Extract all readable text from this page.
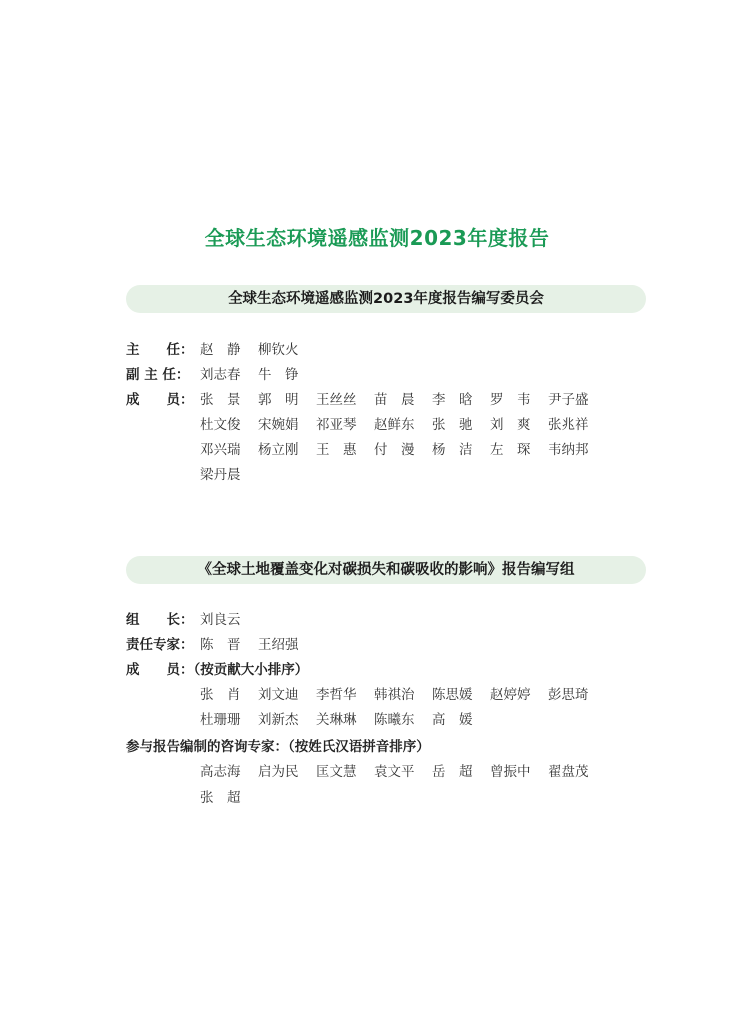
全球生态环境遥感监测2023年度报告
全球生态环境遥感监测2023年度报告编写委员会
主　　任： 赵　静 柳钦火
副 主 任： 刘志春 牛　铮
成　　员： 张　景 郭　明 王丝丝 苗　晨 李　晗 罗　韦 尹子盛
杜文俊 宋婉娟 祁亚琴 赵鲜东 张　驰 刘　爽 张兆祥
邓兴瑞 杨立刚 王　惠 付　漫 杨　洁 左　琛 韦纳邦
梁丹晨
《全球土地覆盖变化对碳损失和碳吸收的影响》报告编写组
组　　长： 刘良云
责任专家： 陈　晋 王绍强
成　　员：（按贡献大小排序）
张　肖 刘文迪 李哲华 韩祺治 陈思媛 赵婷婷 彭思琦
杜珊珊 刘新杰 关琳琳 陈曦东 高　媛
参与报告编制的咨询专家：（按姓氏汉语拼音排序）
高志海 启为民 匡文慧 袁文平 岳　超 曾振中 翟盘茂
张　超
